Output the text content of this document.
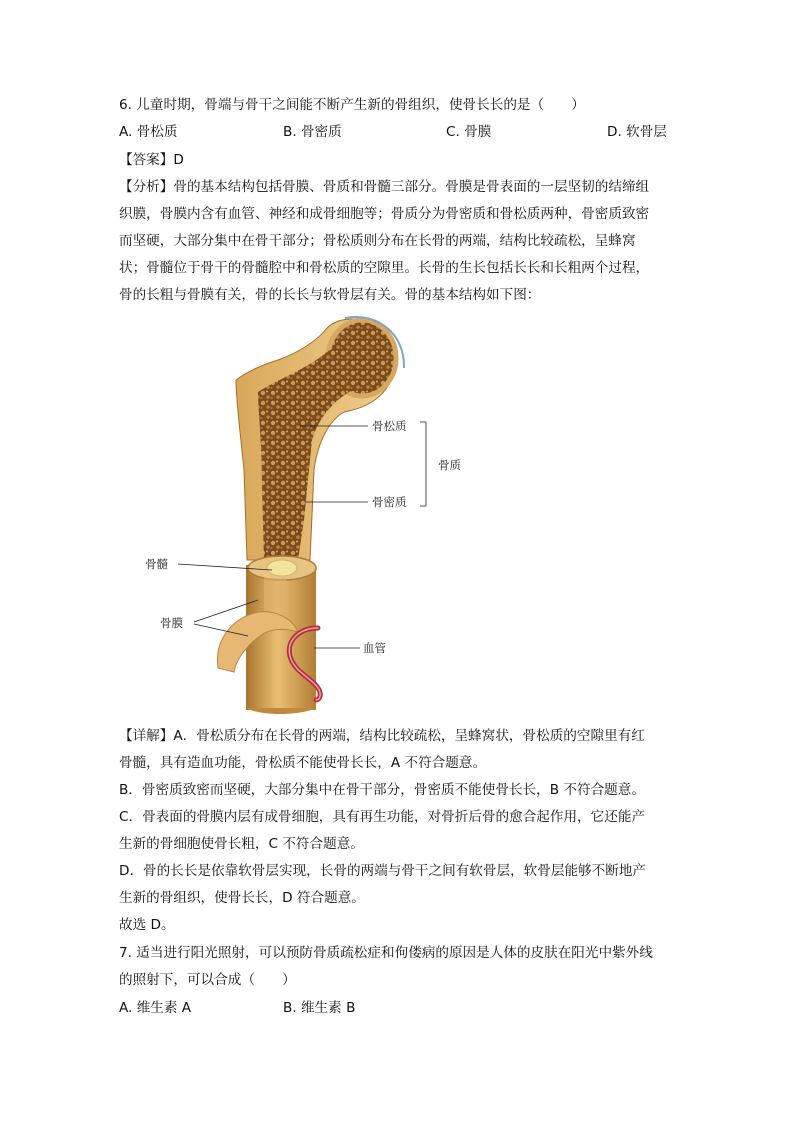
6. 儿童时期，骨端与骨干之间能不断产生新的骨组织，使骨长长的是（　　）
A. 骨松质	B. 骨密质	C. 骨膜	D. 软骨层
【答案】D
【分析】骨的基本结构包括骨膜、骨质和骨髓三部分。骨膜是骨表面的一层坚韧的结缔组
织膜，骨膜内含有血管、神经和成骨细胞等；骨质分为骨密质和骨松质两种，骨密质致密
而坚硬，大部分集中在骨干部分；骨松质则分布在长骨的两端，结构比较疏松，呈蜂窝
状；骨髓位于骨干的骨髓腔中和骨松质的空隙里。长骨的生长包括长长和长粗两个过程，
骨的长粗与骨膜有关，骨的长长与软骨层有关。骨的基本结构如下图：
骨松质
骨密质
骨质
骨髓
骨膜
血管
【详解】A．骨松质分布在长骨的两端，结构比较疏松，呈蜂窝状，骨松质的空隙里有红
骨髓，具有造血功能，骨松质不能使骨长长，A 不符合题意。
B．骨密质致密而坚硬，大部分集中在骨干部分，骨密质不能使骨长长，B 不符合题意。
C．骨表面的骨膜内层有成骨细胞，具有再生功能，对骨折后骨的愈合起作用，它还能产
生新的骨细胞使骨长粗，C 不符合题意。
D．骨的长长是依靠软骨层实现，长骨的两端与骨干之间有软骨层，软骨层能够不断地产
生新的骨组织，使骨长长，D 符合题意。
故选 D。
7. 适当进行阳光照射，可以预防骨质疏松症和佝偻病的原因是人体的皮肤在阳光中紫外线
的照射下，可以合成（　　）
A. 维生素 A	B. 维生素 B
